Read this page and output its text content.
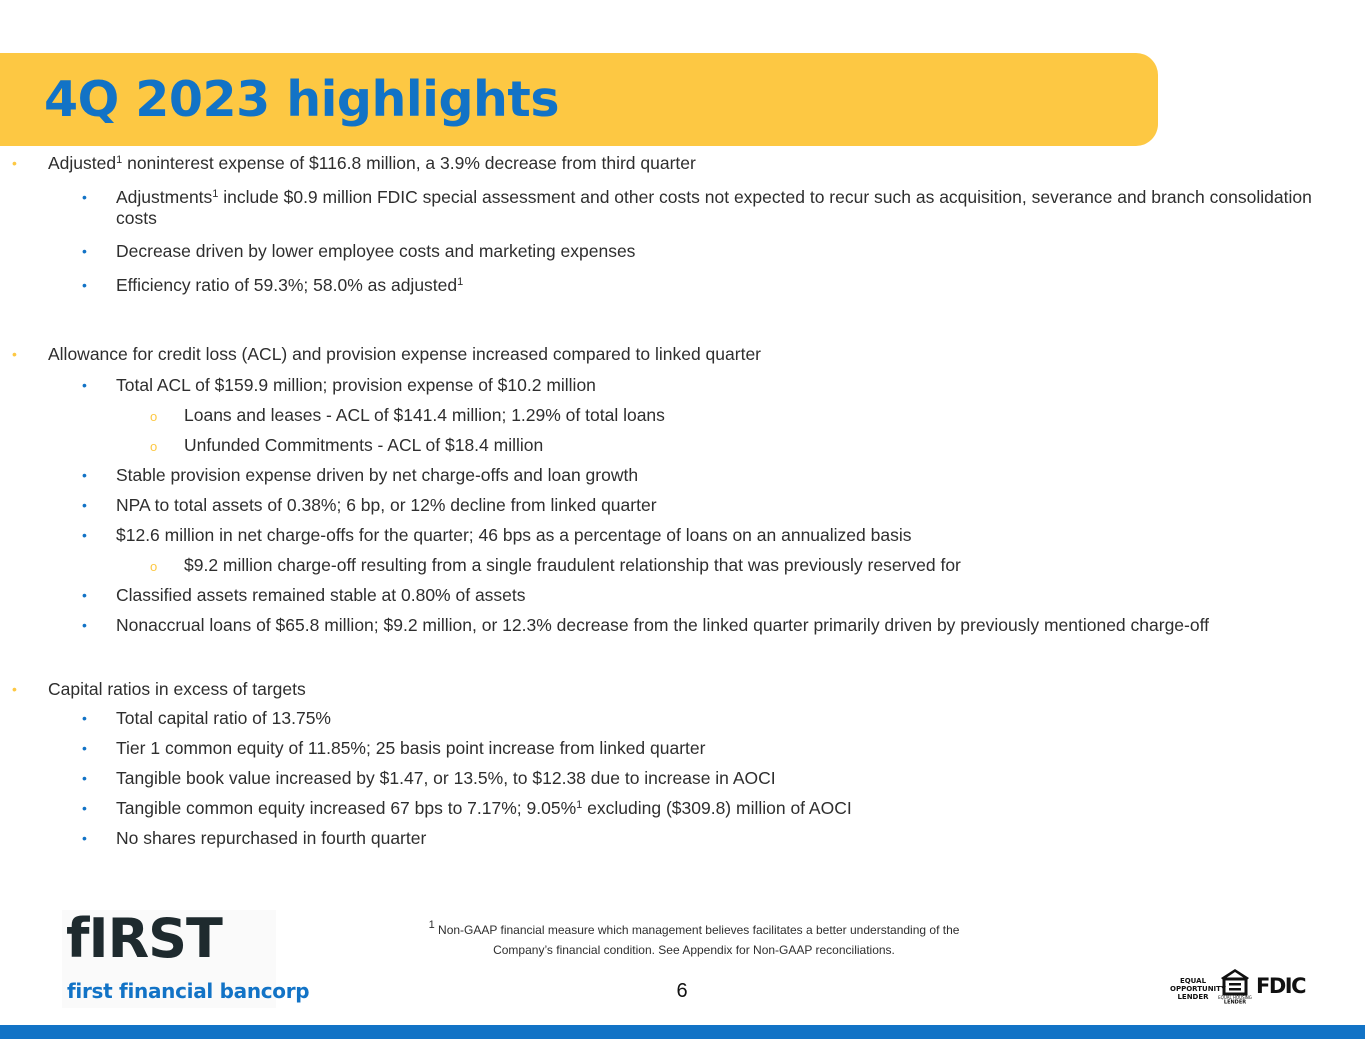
4Q 2023 highlights
• Adjusted$^1$ noninterest expense of $116.8 million, a 3.9% decrease from third quarter
• Adjustments$^1$ include $0.9 million FDIC special assessment and other costs not expected to recur such as acquisition, severance and branch consolidation costs
• Decrease driven by lower employee costs and marketing expenses
• Efficiency ratio of 59.3%; 58.0% as adjusted$^1$
• Allowance for credit loss (ACL) and provision expense increased compared to linked quarter
• Total ACL of $159.9 million; provision expense of $10.2 million
o Loans and leases - ACL of $141.4 million; 1.29% of total loans
o Unfunded Commitments - ACL of $18.4 million
• Stable provision expense driven by net charge-offs and loan growth
• NPA to total assets of 0.38%; 6 bp, or 12% decline from linked quarter
• $12.6 million in net charge-offs for the quarter; 46 bps as a percentage of loans on an annualized basis
o $9.2 million charge-off resulting from a single fraudulent relationship that was previously reserved for
• Classified assets remained stable at 0.80% of assets
• Nonaccrual loans of $65.8 million; $9.2 million, or 12.3% decrease from the linked quarter primarily driven by previously mentioned charge-off
• Capital ratios in excess of targets
• Total capital ratio of 13.75%
• Tier 1 common equity of 11.85%; 25 basis point increase from linked quarter
• Tangible book value increased by $1.47, or 13.5%, to $12.38 due to increase in AOCI
• Tangible common equity increased 67 bps to 7.17%; 9.05%$^1$ excluding ($309.8) million of AOCI
• No shares repurchased in fourth quarter
fIRST
first financial bancorp
$^1$ Non-GAAP financial measure which management believes facilitates a better understanding of the
Company’s financial condition. See Appendix for Non-GAAP reconciliations.
6	EQUAL OPPORTUNITY LENDER	EQUAL HOUSING
LENDER
FDIC
